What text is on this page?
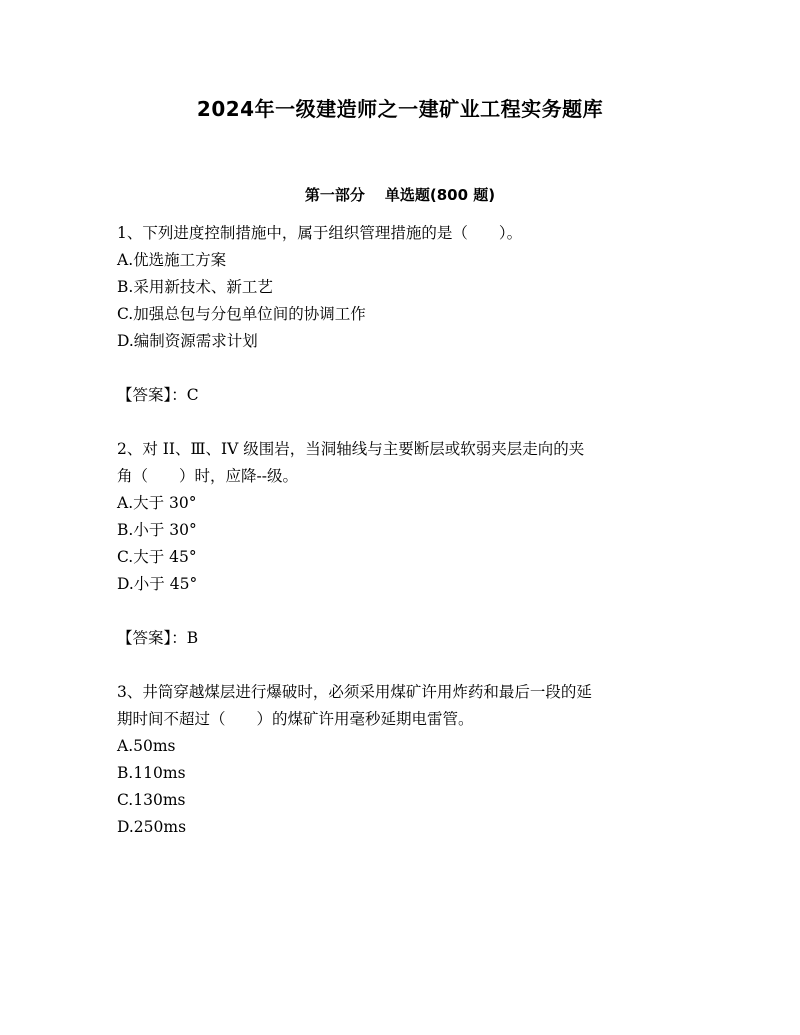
2024年一级建造师之一建矿业工程实务题库
第一部分 单选题(800 题)

1、下列进度控制措施中，属于组织管理措施的是（　　）。

A.优选施工方案

B.采用新技术、新工艺

C.加强总包与分包单位间的协调工作

D.编制资源需求计划

【答案】：C

2、对 II、Ⅲ、IV 级围岩，当洞轴线与主要断层或软弱夹层走向的夹

角（　　）时，应降--级。

A.大于 30°

B.小于 30°

C.大于 45°

D.小于 45°

【答案】：B

3、井筒穿越煤层进行爆破时，必须采用煤矿许用炸药和最后一段的延

期时间不超过（　　）的煤矿许用毫秒延期电雷管。

A.50ms

B.110ms

C.130ms

D.250ms
